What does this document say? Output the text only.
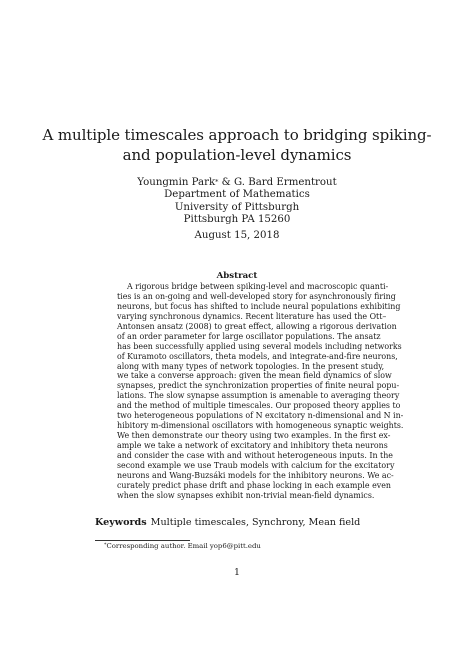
A multiple timescales approach to bridging spiking-
and population-level dynamics
Youngmin Park* & G. Bard Ermentrout
Department of Mathematics
University of Pittsburgh
Pittsburgh PA 15260
August 15, 2018
Abstract
A rigorous bridge between spiking-level and macroscopic quanti-
ties is an on-going and well-developed story for asynchronously firing
neurons, but focus has shifted to include neural populations exhibiting
varying synchronous dynamics. Recent literature has used the Ott–
Antonsen ansatz (2008) to great effect, allowing a rigorous derivation
of an order parameter for large oscillator populations. The ansatz
has been successfully applied using several models including networks
of Kuramoto oscillators, theta models, and integrate-and-fire neurons,
along with many types of network topologies. In the present study,
we take a converse approach: given the mean field dynamics of slow
synapses, predict the synchronization properties of finite neural popu-
lations. The slow synapse assumption is amenable to averaging theory
and the method of multiple timescales. Our proposed theory applies to
two heterogeneous populations of N excitatory n-dimensional and N in-
hibitory m-dimensional oscillators with homogeneous synaptic weights.
We then demonstrate our theory using two examples. In the first ex-
ample we take a network of excitatory and inhibitory theta neurons
and consider the case with and without heterogeneous inputs. In the
second example we use Traub models with calcium for the excitatory
neurons and Wang-Buzsáki models for the inhibitory neurons. We ac-
curately predict phase drift and phase locking in each example even
when the slow synapses exhibit non-trivial mean-field dynamics.
Keywords Multiple timescales, Synchrony, Mean field
*Corresponding author. Email yop6@pitt.edu
1
